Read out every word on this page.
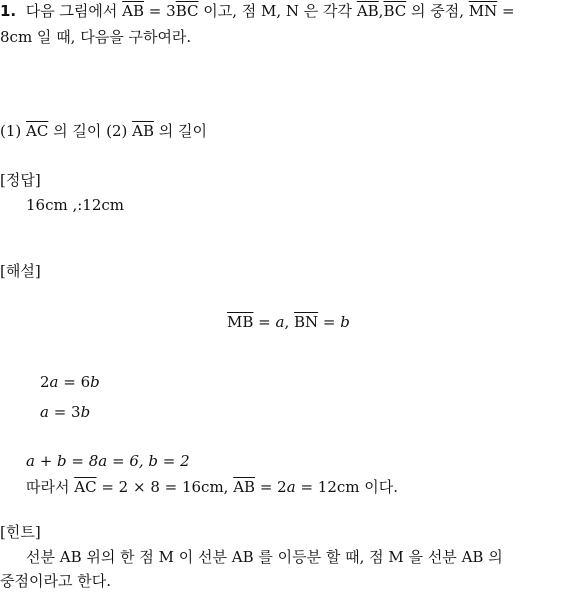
1. 다음 그림에서 $\overline{AB} = 3\overline{BC}$ 이고, 점 M, N 은 각각 $\overline{AB},\overline{BC}$ 의 중점, $\overline{MN}$ =
8cm 일 때, 다음을 구하여라.
(1) $\overline{AC}$ 의 길이 (2) $\overline{AB}$ 의 길이
[정답]
16cm ,:12cm
[해설]
$\overline{MB} = a$, $\overline{BN} = b$
2a = 6b
a = 3b
a + b = 8a = 6, b = 2
따라서 $\overline{AC} = 2 \times 8 = 16cm$, $\overline{AB} = 2a = 12cm$ 이다.
[힌트]
선분 AB 위의 한 점 M 이 선분 AB 를 이등분 할 때, 점 M 을 선분 AB 의
중점이라고 한다.
